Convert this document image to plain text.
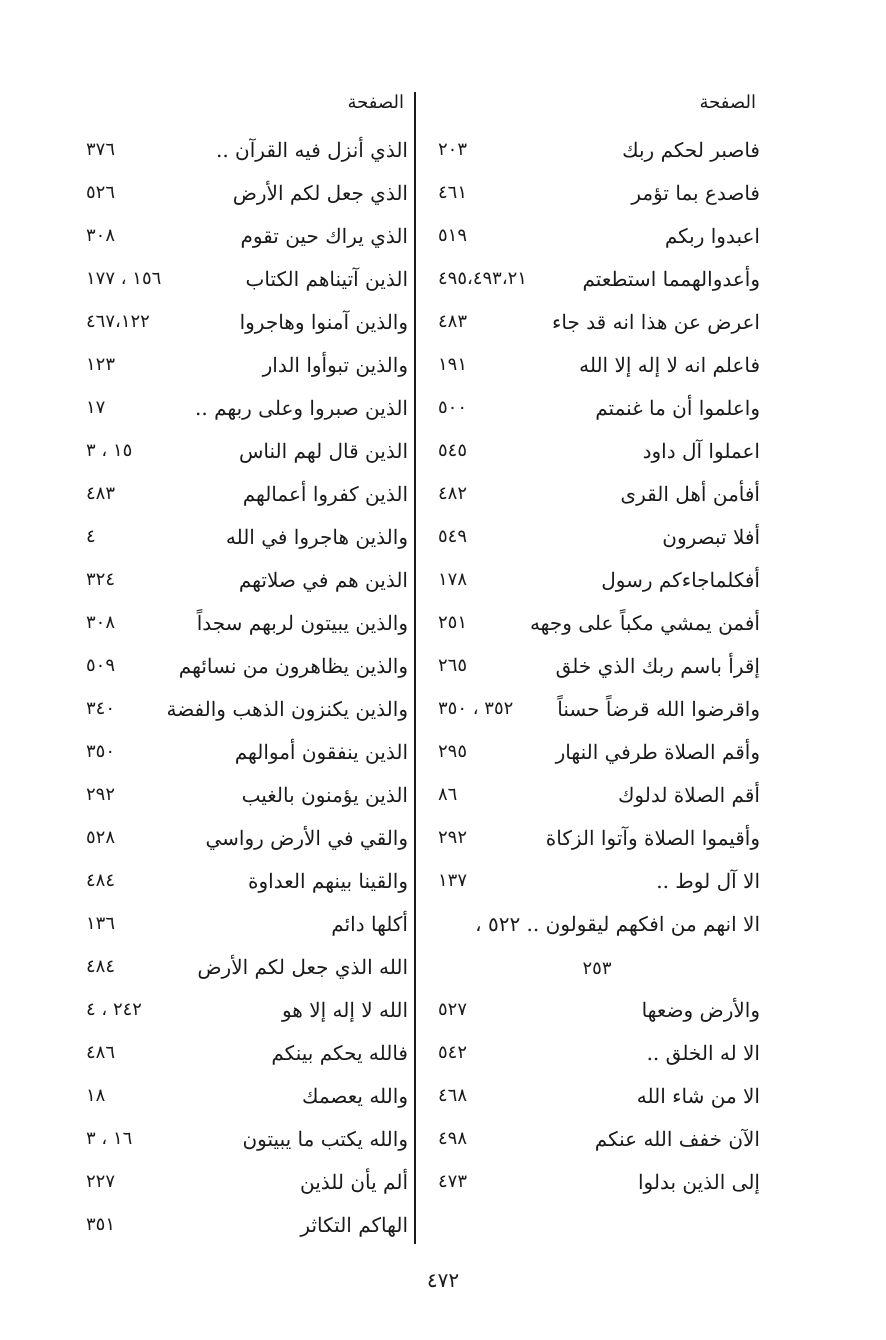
الصفحة
الصفحة
فاصبر لحكم ربك
٢٠٣
فاصدع بما تؤمر
٤٦١
اعبدوا ربكم
٥١٩
وأعدوالهمما استطعتم
٤٩٥،٤٩٣،٢١
اعرض عن هذا انه قد جاء
٤٨٣
فاعلم انه لا إله إلا الله
١٩١
واعلموا أن ما غنمتم
٥٠٠
اعملوا آل داود
٥٤٥
أفأمن أهل القرى
٤٨٢
أفلا تبصرون
٥٤٩
أفكلماجاءكم رسول
١٧٨
أفمن يمشي مكباً على وجهه
٢٥١
إقرأ باسم ربك الذي خلق
٢٦٥
واقرضوا الله قرضاً حسناً
٣٥٢ ، ٣٥٠
وأقم الصلاة طرفي النهار
٢٩٥
أقم الصلاة لدلوك
٨٦
وأقيموا الصلاة وآتوا الزكاة
٢٩٢
الا آل لوط ..
١٣٧
الا انهم من افكهم ليقولون .. ٥٢٢ ،
٢٥٣
والأرض وضعها
٥٢٧
الا له الخلق ..
٥٤٢
الا من شاء الله
٤٦٨
الآن خفف الله عنكم
٤٩٨
إلى الذين بدلوا
٤٧٣
الذي أنزل فيه القرآن ..
٣٧٦
الذي جعل لكم الأرض
٥٢٦
الذي يراك حين تقوم
٣٠٨
الذين آتيناهم الكتاب
١٥٦ ، ١٧٧
والذين آمنوا وهاجروا
٤٦٧،١٢٢
والذين تبوأوا الدار
١٢٣
الذين صبروا وعلى ربهم ..
١٧
الذين قال لهم الناس
١٥ ، ٣
الذين كفروا أعمالهم
٤٨٣
والذين هاجروا في الله
٤
الذين هم في صلاتهم
٣٢٤
والذين يبيتون لربهم سجداً
٣٠٨
والذين يظاهرون من نسائهم
٥٠٩
والذين يكنزون الذهب والفضة
٣٤٠
الذين ينفقون أموالهم
٣٥٠
الذين يؤمنون بالغيب
٢٩٢
والقي في الأرض رواسي
٥٢٨
والقينا بينهم العداوة
٤٨٤
أكلها دائم
١٣٦
الله الذي جعل لكم الأرض
٤٨٤
الله لا إله إلا هو
٢٤٢ ، ٤
فالله يحكم بينكم
٤٨٦
والله يعصمك
١٨
والله يكتب ما يبيتون
١٦ ، ٣
ألم يأن للذين
٢٢٧
الهاكم التكاثر
٣٥١
٤٧٢
